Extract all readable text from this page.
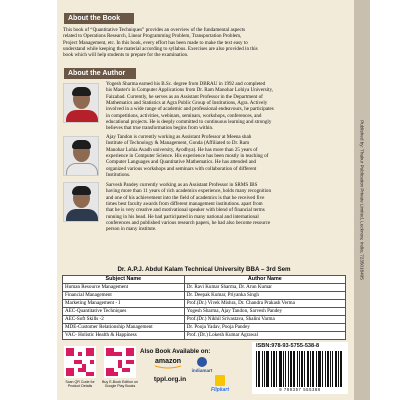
Published by: Thakur Publication Private Limited, Lucknow, India; 7235018405
About the Book
This book of “Quantitative Techniques” provides an overview of the fundamental aspects
related to Operations Research, Linear Programming Problem, Transportation Problem,
Project Management, etc. In this book, every effort has been made to make the text easy to
understand while keeping the material according to syllabus. Exercises are also provided in this
book which will help students to prepare for the examination.
About the Author
Yogesh Sharma earned his B.Sc. degree from DBRAU in 1992 and completed
his Master's in Computer Applications from Dr. Ram Manohar Lohiya University,
Faizabad. Currently, he serves as an Assistant Professor in the Department of
Mathematics and Statistics at Agra Public Group of Institutions, Agra. Actively
involved in a wide range of academic and professional endeavours, he participates
in competitions, activities, webinars, seminars, workshops, conferences, and
educational projects. He is deeply committed to continuous learning and strongly
believes that true transformation begins from within.
Ajay Tandon is currently working as Assistant Professor at Meena shah
Institute of Technology & Management, Gonda (Affiliated to Dr. Ram
Manohar Lohia Avadh university, Ayodhya). He has more than 25 years of
experience in Computer Science. His experience has been mostly in teaching of
Computer Languages and Quantitative Mathematics. He has attended and
organized various workshops and seminars with collaboration of different
Institutions.
Sarvesh Pandey currently working as an Assistant Professor in SRMS IBS
having more than 11 years of rich academics experience, holds many recognition
and one of his achievement into the field of academics is that he received five
times best faculty awards from different management institutions. apart from
that he is very creative and motivational speaker with blend of financial terms
running in his head. He had participated in many national and international
conferences and published various research papers, he had also become resource
person in many institute.
Dr. A.P.J. Abdul Kalam Technical University BBA – 3rd Sem
Subject Name	Author Name
Human Resource Management	Dr. Ravi Kumar Sharma, Dr. Arun Kumar
Financial Management	Dr. Deepak Kumar, Priyanka Singh
Marketing Management - I	Prof.(Dr.) Vivek Mishra, Dr. Chandra Prakash Verma
AEC-Quantitative Techniques	Yogesh Sharma, Ajay Tandon, Sarvesh Pandey
AEC-Soft Skills -2	Prof.(Dr.) Nikhil Srivastava, Shalini Varma
MDE-Customer Relationship Management	Dr. Pooja Yadav, Pooja Pandey
VAC- Holistic Health & Happiness	Prof. (Dr.) Lokesh Kumar Agrawal
Scan QR Code for Product Details
Buy E-Book Edition on Google Play Books
Also Book Available on:
amazon
indiamart
tppl.org.in
Flipkart
ISBN:978-93-5755-538-8
9 789357 555388
